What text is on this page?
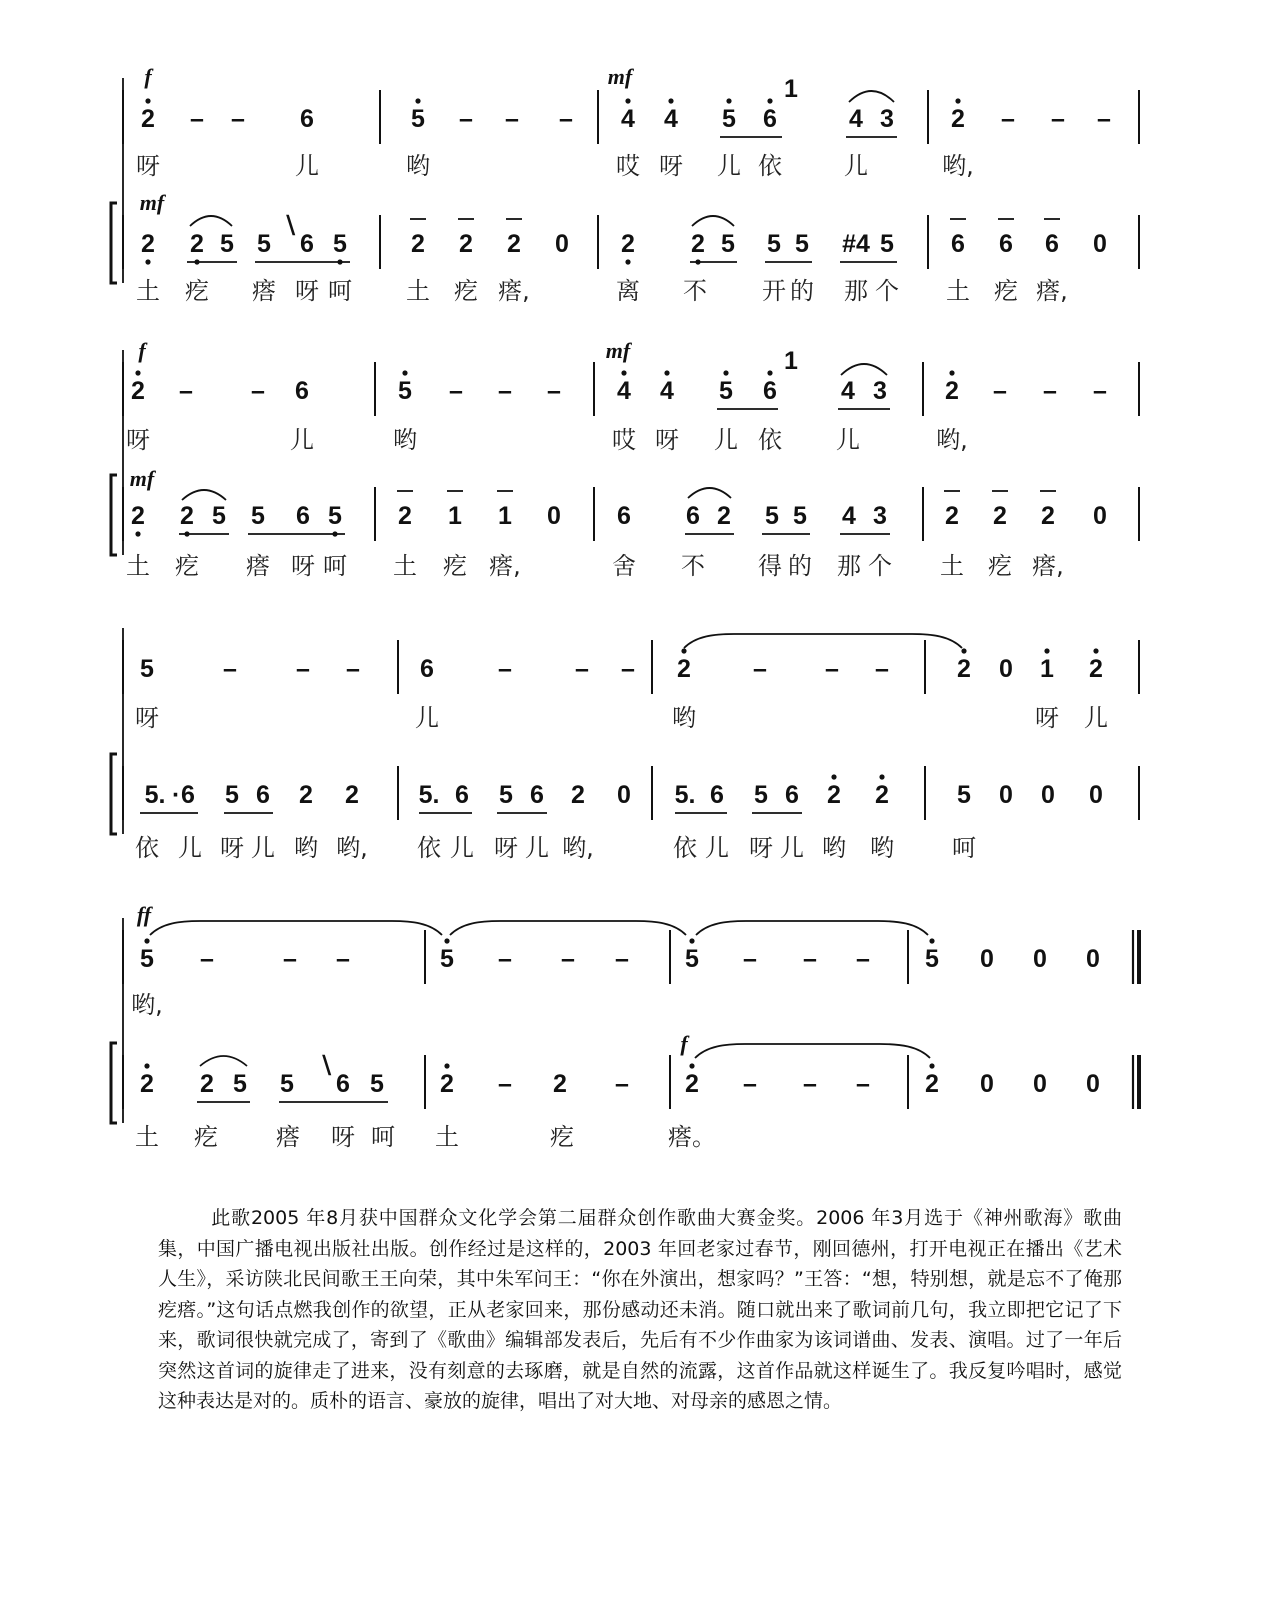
2 – – 6	5 – – – 4 4 5 6
1
4 3 2 – – –
呀	儿	哟	哎 呀 儿 依	儿	哟,
f	mf
2 2 5 5 6 5	2 2 2 0 2 2 5 5 5 #4 5 6 6 6 0
土 疙 瘩 呀 呵 土 疙 瘩,	离 不 开 的 那 个 土 疙 瘩,
mf
2 – – 6	5 – – – 4 4 5 6
1
4 3 2 – – –
呀	儿	哟	哎 呀 儿 依 儿	哟,
f	mf
2 2 5 5 6 5 2 1 1 0 6 6 2 5 5 4 3 2 2 2 0
土 疙 瘩 呀 呵 土 疙 瘩,	舍 不 得 的 那 个 土 疙 瘩,
mf
5	– – – 6	–	– – 2 – – –	2 0 1 2
呀	儿	哟	呀 儿
5. 6 5 6 2 2 5. 6 5 6 2 0 5. 6 5 6 2 2	5 0 0 0
依 儿 呀 儿 哟 哟, 依 儿 呀 儿 哟,	依 儿 呀 儿 哟 哟 呵
5 –	– –	5 – – – 5 – – – 5 0 0 0
哟,
ff
2 2 5 5 6 5 2 – 2 – 2 – – – 2 0 0 0
土 疙 瘩 呀 呵 土	疙	瘩。
f
∖
·
∖

此歌2005 年8月获中国群众文化学会第二届群众创作歌曲大赛金奖。2006 年3月选于《神州歌海》歌曲集，中国广播电视出版社出版。创作经过是这样的，2003 年回老家过春节，刚回德州，打开电视正在播出《艺术人生》，采访陕北民间歌王王向荣，其中朱军问王：“你在外演出，想家吗？”王答：“想，特别想，就是忘不了俺那疙瘩。”这句话点燃我创作的欲望，正从老家回来，那份感动还未消。随口就出来了歌词前几句，我立即把它记了下来，歌词很快就完成了，寄到了《歌曲》编辑部发表后，先后有不少作曲家为该词谱曲、发表、演唱。过了一年后突然这首词的旋律走了进来，没有刻意的去琢磨，就是自然的流露，这首作品就这样诞生了。我反复吟唱时，感觉这种表达是对的。质朴的语言、豪放的旋律，唱出了对大地、对母亲的感恩之情。
